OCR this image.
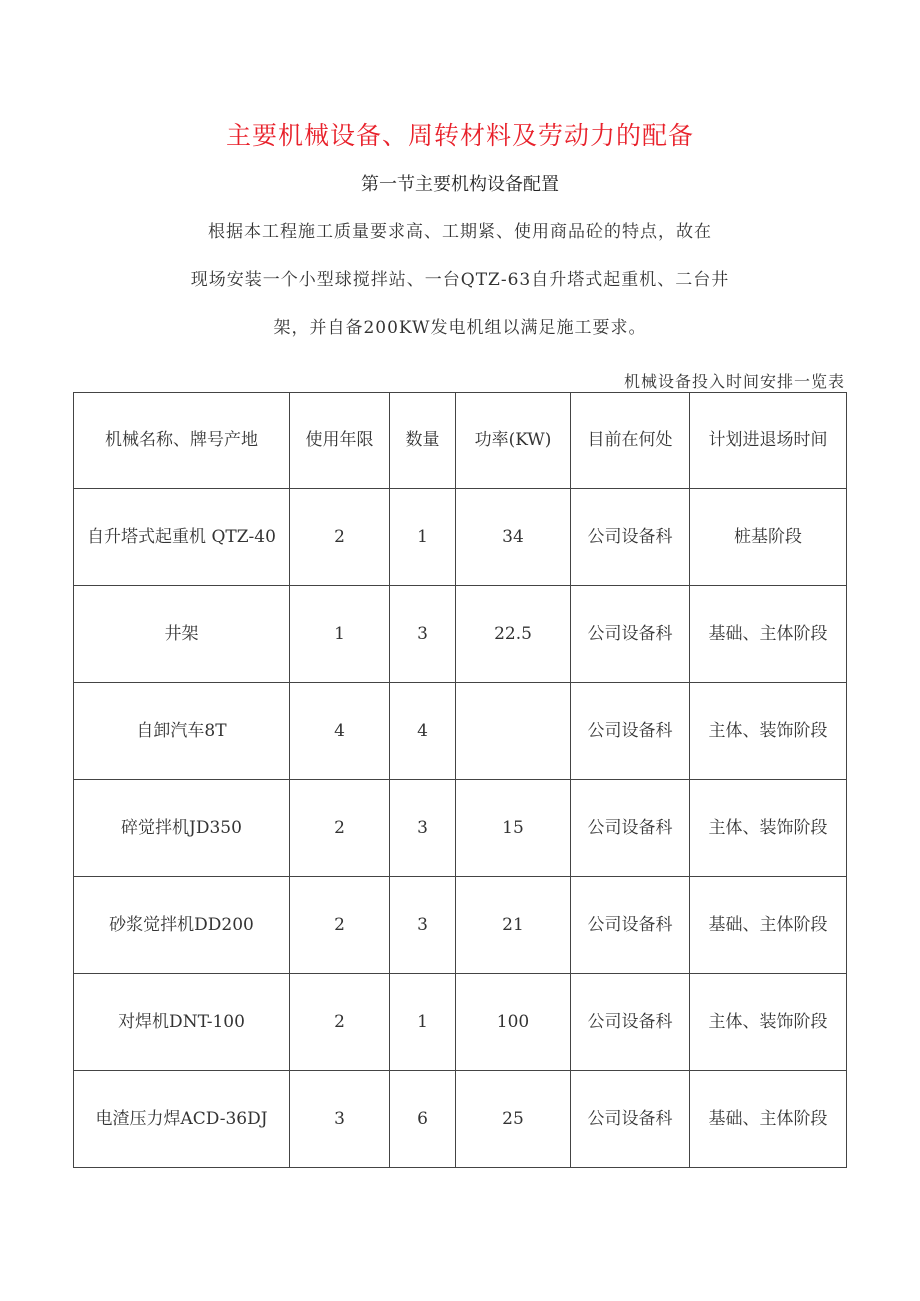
主要机械设备、周转材料及劳动力的配备
第一节主要机构设备配置
根据本工程施工质量要求高、工期紧、使用商品砼的特点，故在
现场安装一个小型球搅拌站、一台QTZ-63自升塔式起重机、二台井
架，并自备200KW发电机组以满足施工要求。
机械设备投入时间安排一览表
机械名称、牌号产地	使用年限	数量	功率(KW)	目前在何处	计划进退场时间
自升塔式起重机 QTZ-40	2	1	34	公司设备科	桩基阶段
井架	1	3	22.5	公司设备科	基础、主体阶段
自卸汽车8T	4	4		公司设备科	主体、装饰阶段
碎觉拌机JD350	2	3	15	公司设备科	主体、装饰阶段
砂浆觉拌机DD200	2	3	21	公司设备科	基础、主体阶段
对焊机DNT-100	2	1	100	公司设备科	主体、装饰阶段
电渣压力焊ACD-36DJ	3	6	25	公司设备科	基础、主体阶段
